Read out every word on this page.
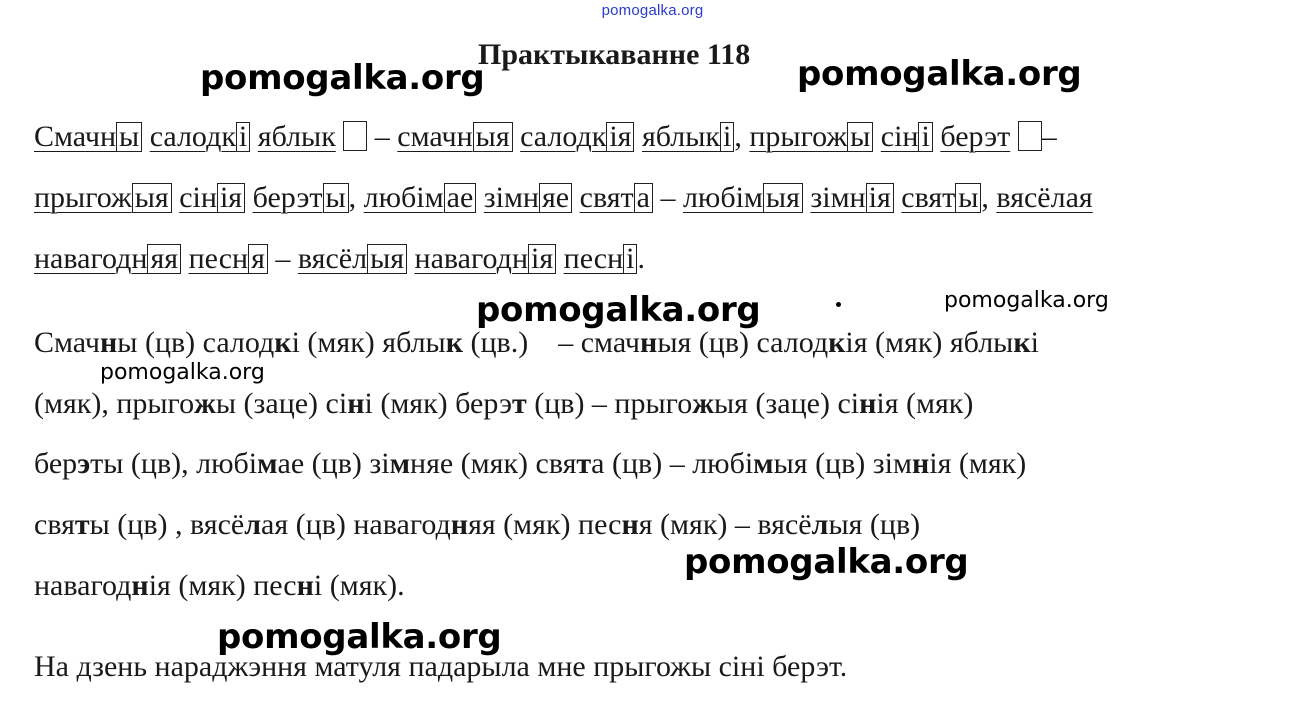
pomogalka.org
Практыкаванне 118
pomogalka.org	pomogalka.org
pomogalka.org	pomogalka.org
pomogalka.org
pomogalka.org
pomogalka.org
Смачн ы салодк і яблык – смачн ыя салодк ія яблык і , прыгож ы сін і берэт –
прыгож ыя сін ія берэт ы , любім ае зімн яе свят а – любім ыя зімн ія свят ы , вясёлая
навагодн яя песн я – вясёл ыя навагодн ія песн і .
Смачны (цв) салодкі (мяк) яблык (цв.) – смачныя (цв) салодкія (мяк) яблыкі
(мяк), прыгожы (заце) сіні (мяк) берэт (цв) – прыгожыя (заце) сінія (мяк)
берэты (цв), любімае (цв) зімняе (мяк) свята (цв) – любімыя (цв) зімнія (мяк)
святы (цв) , вясёлая (цв) навагодняя (мяк) песня (мяк) – вясёлыя (цв)
навагоднія (мяк) песні (мяк).
На дзень нараджэння матуля падарыла мне прыгожы сіні берэт.
